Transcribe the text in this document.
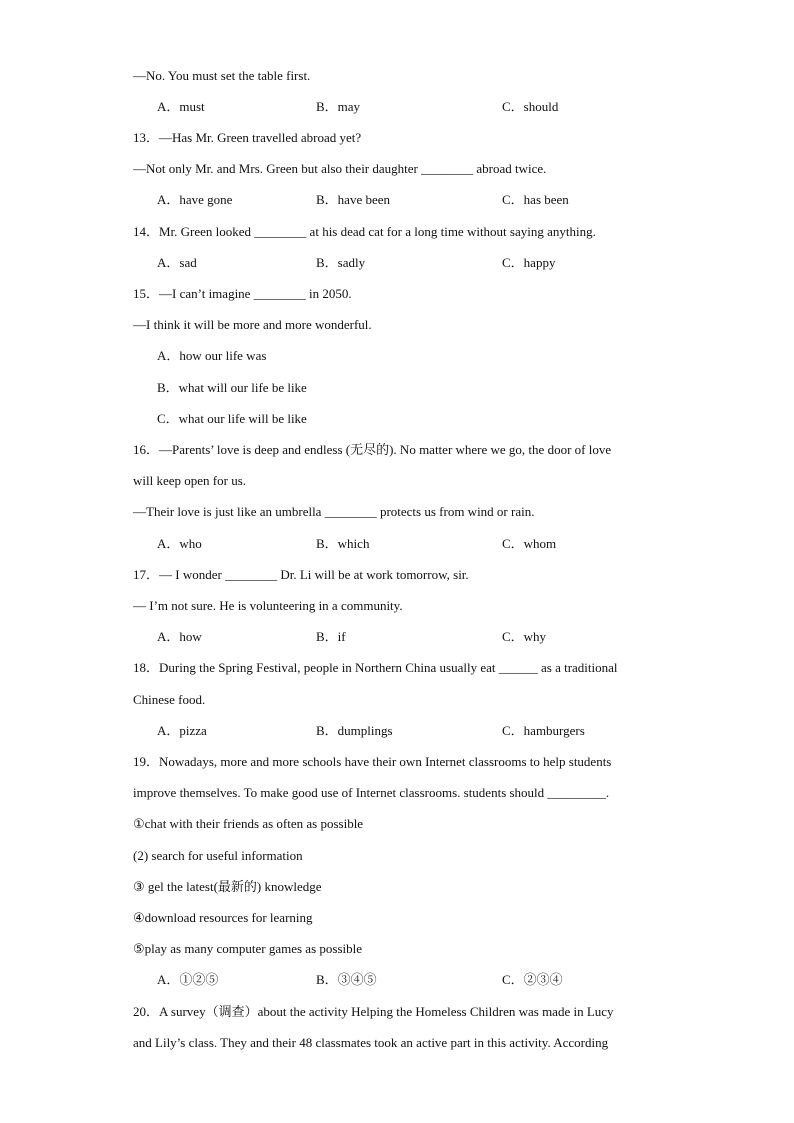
—No. You must set the table first.
A．must	B．may	C．should
13．—Has Mr. Green travelled abroad yet?
—Not only Mr. and Mrs. Green but also their daughter ________ abroad twice.
A．have gone	B．have been	C．has been
14．Mr. Green looked ________ at his dead cat for a long time without saying anything.
A．sad	B．sadly	C．happy
15．—I can’t imagine ________ in 2050.
—I think it will be more and more wonderful.
A．how our life was
B．what will our life be like
C．what our life will be like
16．—Parents’ love is deep and endless (无尽的). No matter where we go, the door of love
will keep open for us.
—Their love is just like an umbrella ________ protects us from wind or rain.
A．who	B．which	C．whom
17．— I wonder ________ Dr. Li will be at work tomorrow, sir.
— I’m not sure. He is volunteering in a community.
A．how	B．if	C．why
18．During the Spring Festival, people in Northern China usually eat ______ as a traditional
Chinese food.
A．pizza	B．dumplings	C．hamburgers
19．Nowadays, more and more schools have their own Internet classrooms to help students
improve themselves. To make good use of Internet classrooms. students should _________.
①chat with their friends as often as possible
(2) search for useful information
③ gel the latest(最新的) knowledge
④download resources for learning
⑤play as many computer games as possible
A．①②⑤	B．③④⑤	C．②③④
20．A survey（调查）about the activity Helping the Homeless Children was made in Lucy
and Lily’s class. They and their 48 classmates took an active part in this activity. According
